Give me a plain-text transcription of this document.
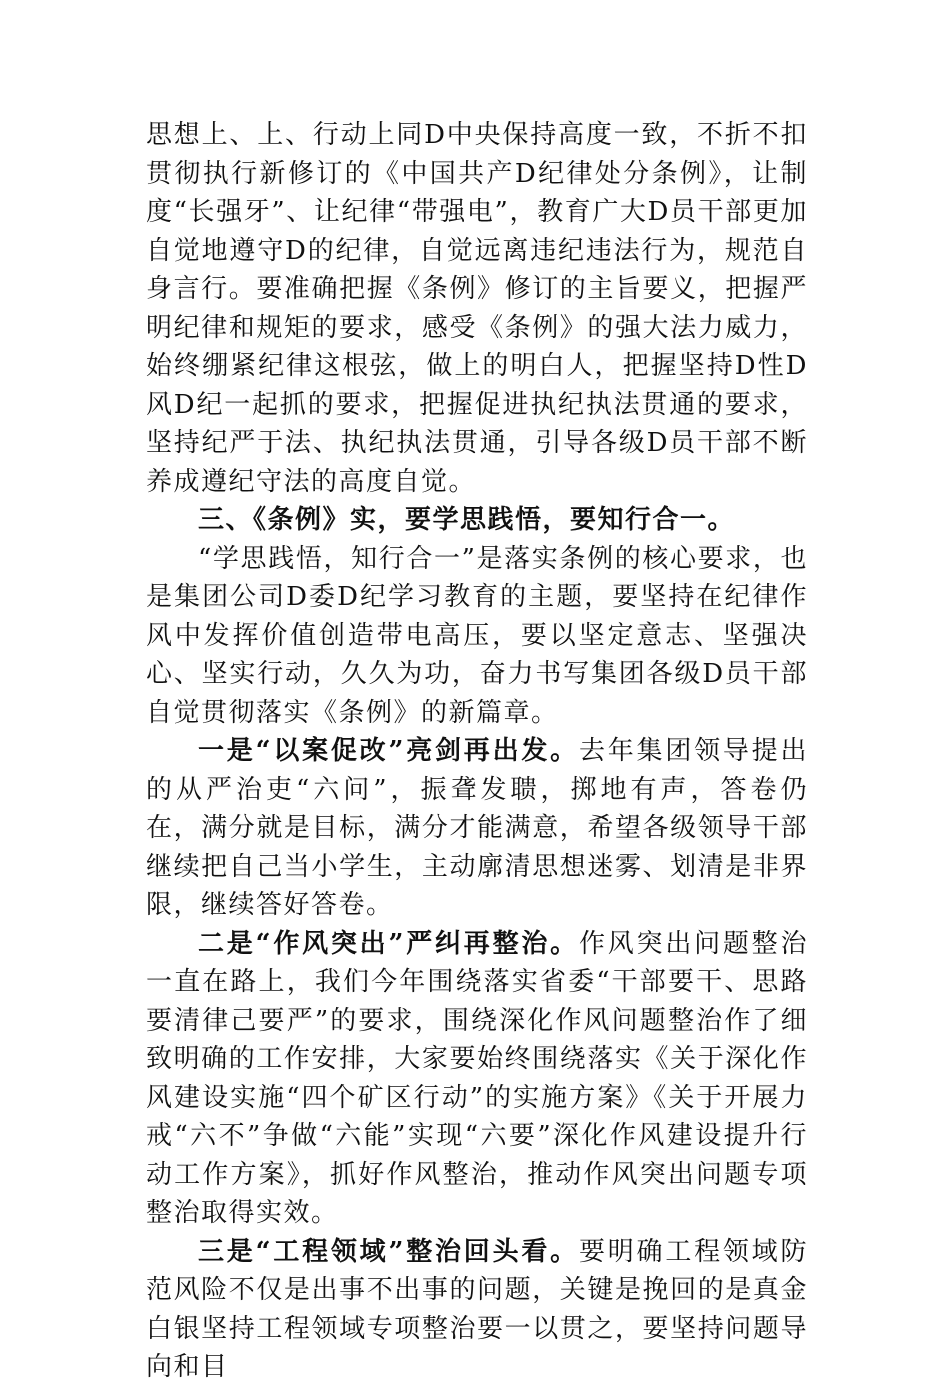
思想上、上、行动上同D中央保持高度一致，不折不扣贯彻执行新修订的《中国共产D纪律处分条例》，让制度“长强牙”、让纪律“带强电”，教育广大D员干部更加自觉地遵守D的纪律，自觉远离违纪违法行为，规范自身言行。要准确把握《条例》修订的主旨要义，把握严明纪律和规矩的要求，感受《条例》的强大法力威力，始终绷紧纪律这根弦，做上的明白人，把握坚持D性D风D纪一起抓的要求，把握促进执纪执法贯通的要求，坚持纪严于法、执纪执法贯通，引导各级D员干部不断养成遵纪守法的高度自觉。

三、《条例》实，要学思践悟，要知行合一。

“学思践悟，知行合一”是落实条例的核心要求，也是集团公司D委D纪学习教育的主题，要坚持在纪律作风中发挥价值创造带电高压，要以坚定意志、坚强决心、坚实行动，久久为功，奋力书写集团各级D员干部自觉贯彻落实《条例》的新篇章。

一是“以案促改”亮剑再出发。去年集团领导提出的从严治吏“六问”，振聋发聩，掷地有声，答卷仍在，满分就是目标，满分才能满意，希望各级领导干部继续把自己当小学生，主动廓清思想迷雾、划清是非界限，继续答好答卷。

二是“作风突出”严纠再整治。作风突出问题整治一直在路上，我们今年围绕落实省委“干部要干、思路要清律己要严”的要求，围绕深化作风问题整治作了细致明确的工作安排，大家要始终围绕落实《关于深化作风建设实施“四个矿区行动”的实施方案》《关于开展力戒“六不”争做“六能”实现“六要”深化作风建设提升行动工作方案》，抓好作风整治，推动作风突出问题专项整治取得实效。

三是“工程领域”整治回头看。要明确工程领域防范风险不仅是出事不出事的问题，关键是挽回的是真金白银坚持工程领域专项整治要一以贯之，要坚持问题导向和目
